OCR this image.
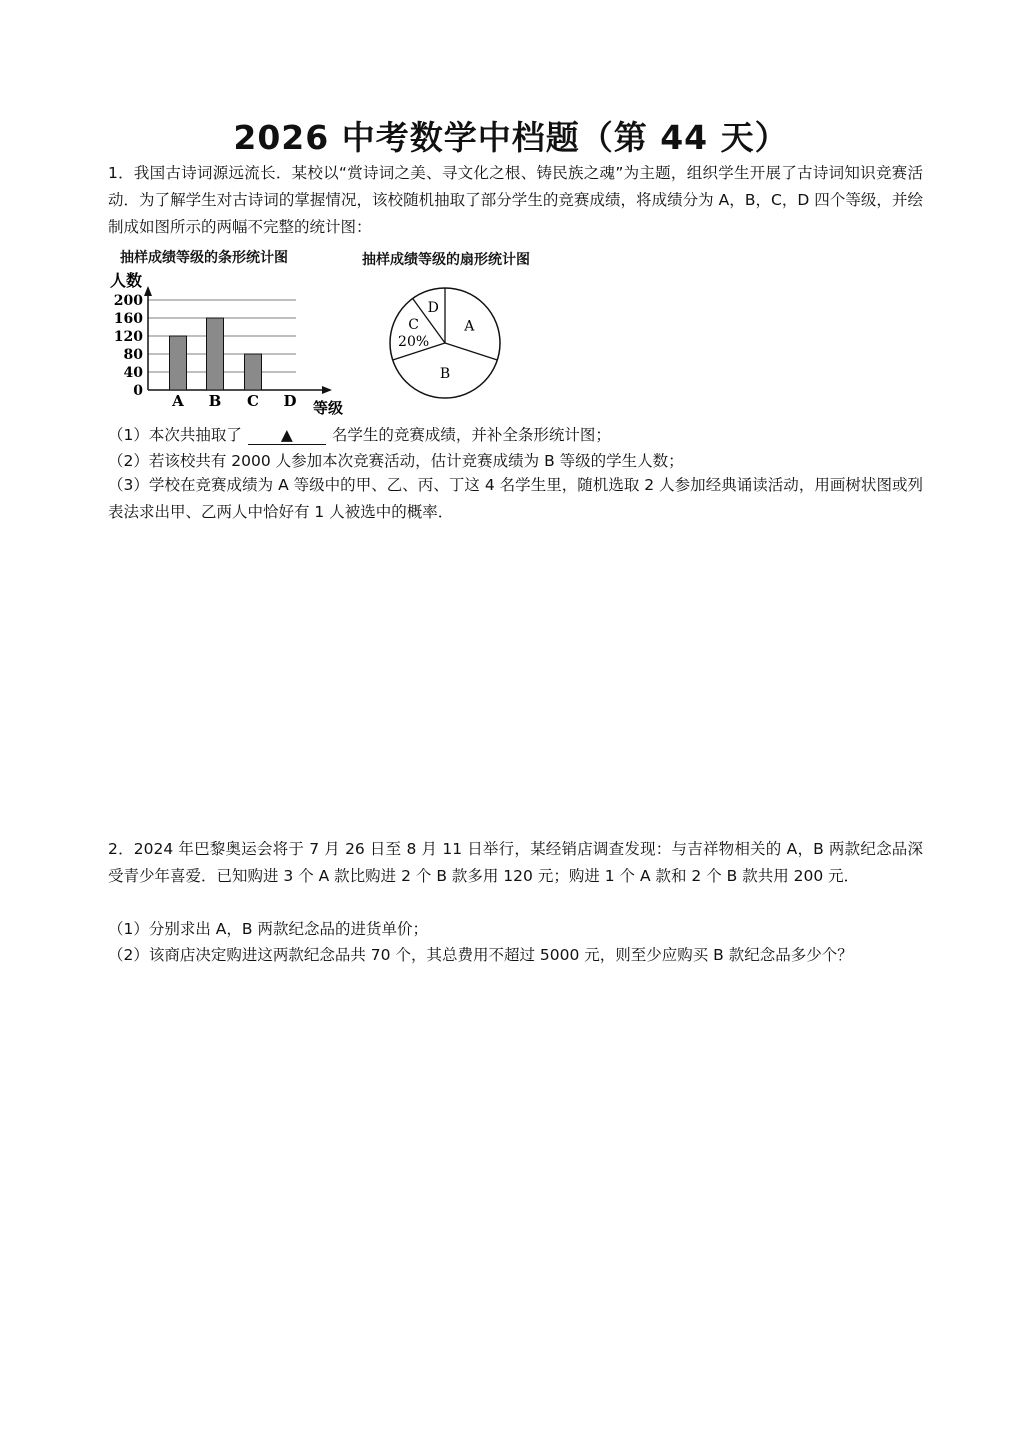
2026 中考数学中档题（第 44 天）
1．我国古诗词源远流长．某校以“赏诗词之美、寻文化之根、铸民族之魂”为主题，组织学生开展了古诗词知识竞赛活动．为了解学生对古诗词的掌握情况，该校随机抽取了部分学生的竞赛成绩，将成绩分为 A，B，C，D 四个等级，并绘制成如图所示的两幅不完整的统计图：
抽样成绩等级的条形统计图	抽样成绩等级的扇形统计图
0
40
80
120
160
200
人数
等级
A B C D
A
B
C
20%
D
（1）本次共抽取了	▲	名学生的竞赛成绩，并补全条形统计图；
（2）若该校共有 2000 人参加本次竞赛活动，估计竞赛成绩为 B 等级的学生人数；
（3）学校在竞赛成绩为 A 等级中的甲、乙、丙、丁这 4 名学生里，随机选取 2 人参加经典诵读活动，用画树状图或列表法求出甲、乙两人中恰好有 1 人被选中的概率．
2．2024 年巴黎奥运会将于 7 月 26 日至 8 月 11 日举行，某经销店调查发现：与吉祥物相关的 A，B 两款纪念品深受青少年喜爱．已知购进 3 个 A 款比购进 2 个 B 款多用 120 元；购进 1 个 A 款和 2 个 B 款共用 200 元．
（1）分别求出 A，B 两款纪念品的进货单价；
（2）该商店决定购进这两款纪念品共 70 个，其总费用不超过 5000 元，则至少应购买 B 款纪念品多少个？
